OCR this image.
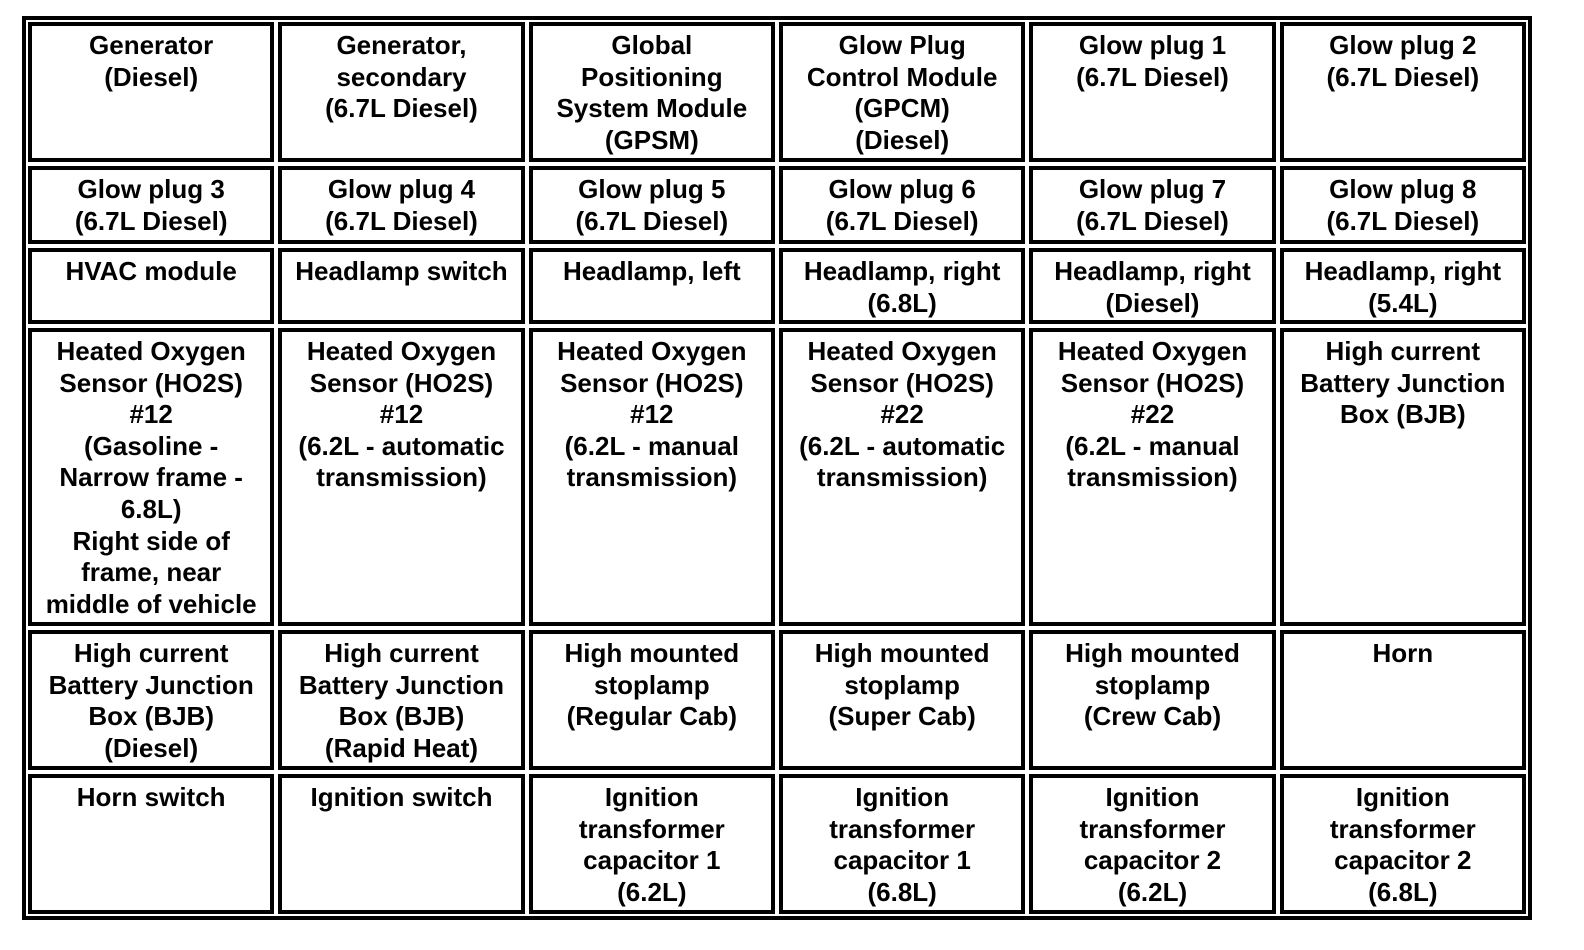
Generator
(Diesel)
Generator,
secondary
(6.7L Diesel)
Global
Positioning
System Module
(GPSM)
Glow Plug
Control Module
(GPCM)
(Diesel)
Glow plug 1
(6.7L Diesel)
Glow plug 2
(6.7L Diesel)
Glow plug 3
(6.7L Diesel)
Glow plug 4
(6.7L Diesel)
Glow plug 5
(6.7L Diesel)
Glow plug 6
(6.7L Diesel)
Glow plug 7
(6.7L Diesel)
Glow plug 8
(6.7L Diesel)
HVAC module Headlamp switch Headlamp, left Headlamp, right
(6.8L)
Headlamp, right
(Diesel)
Headlamp, right
(5.4L)
Heated Oxygen
Sensor (HO2S)
#12
(Gasoline -
Narrow frame -
6.8L)
Right side of
frame, near
middle of vehicle
Heated Oxygen
Sensor (HO2S)
#12
(6.2L - automatic
transmission)
Heated Oxygen
Sensor (HO2S)
#12
(6.2L - manual
transmission)
Heated Oxygen
Sensor (HO2S)
#22
(6.2L - automatic
transmission)
Heated Oxygen
Sensor (HO2S)
#22
(6.2L - manual
transmission)
High current
Battery Junction
Box (BJB)
High current
Battery Junction
Box (BJB)
(Diesel)
High current
Battery Junction
Box (BJB)
(Rapid Heat)
High mounted
stoplamp
(Regular Cab)
High mounted
stoplamp
(Super Cab)
High mounted
stoplamp
(Crew Cab)
Horn
Horn switch	Ignition switch	Ignition
transformer
capacitor 1
(6.2L)
Ignition
transformer
capacitor 1
(6.8L)
Ignition
transformer
capacitor 2
(6.2L)
Ignition
transformer
capacitor 2
(6.8L)
